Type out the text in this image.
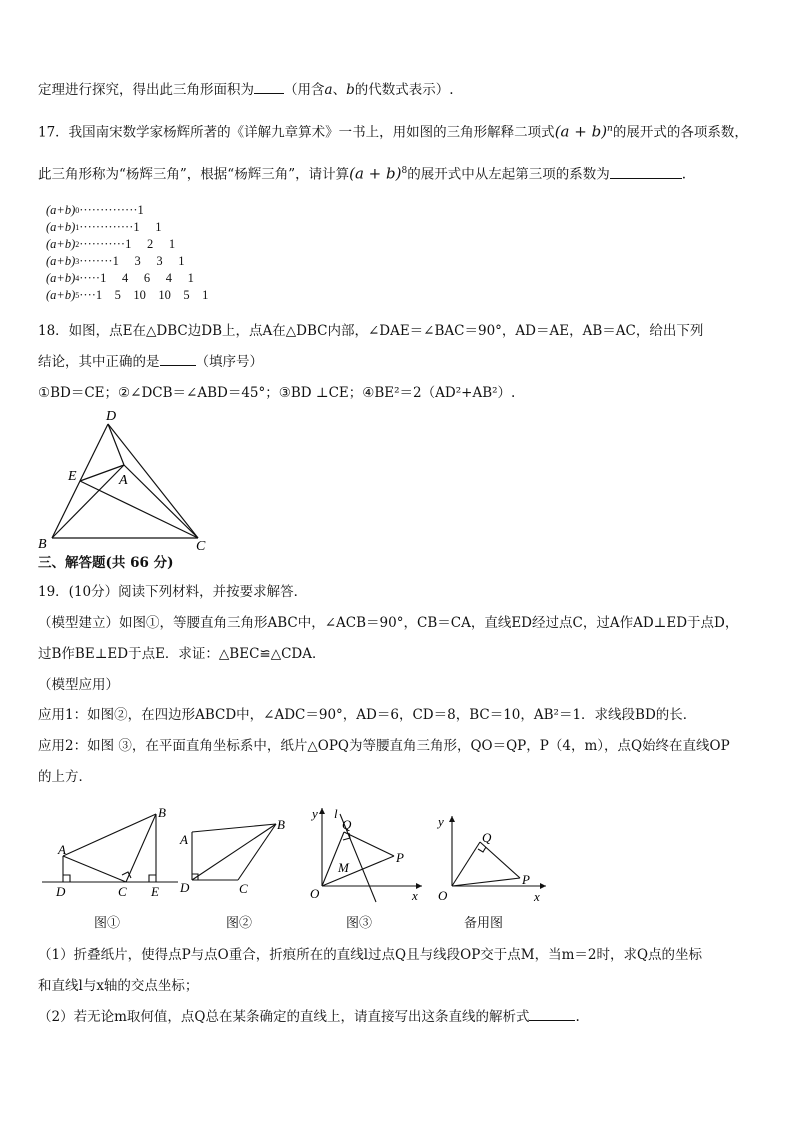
定理进行探究，得出此三角形面积为 （用含a、b的代数式表示）.
17．我国南宋数学家杨辉所著的《详解九章算术》一书上，用如图的三角形解释二项式$(a + b)^n$的展开式的各项系数，
此三角形称为“杨辉三角”，根据“杨辉三角”，请计算$(a + b)^8$的展开式中从左起第三项的系数为	.
(a+b) 0 ·············· 1
(a+b) 1 ············· 1     1
(a+b) 2 ··········· 1     2     1
(a+b) 3 ········ 1     3     3     1
(a+b) 4 ····· 1     4     6     4     1
(a+b) 5 ···· 1    5    10    10    5    1
18．如图，点E在△DBC边DB上，点A在△DBC内部，∠DAE＝∠BAC＝90°，AD＝AE，AB＝AC，给出下列
结论，其中正确的是	（填序号）
①BD＝CE；②∠DCB＝∠ABD＝45°；③BD ⊥CE；④BE²＝2（AD²+AB²）.
D
E	A
B	C
三、解答题(共 66 分)
19．(10分）阅读下列材料，并按要求解答．
（模型建立）如图①，等腰直角三角形ABC中，∠ACB＝90°，CB＝CA，直线ED经过点C，过A作AD⊥ED于点D，
过B作BE⊥ED于点E．求证：△BEC≌△CDA．
（模型应用）
应用1：如图②，在四边形ABCD中，∠ADC＝90°，AD＝6，CD＝8，BC＝10，AB²＝1．求线段BD的长．
应用2：如图 ③，在平面直角坐标系中，纸片△OPQ为等腰直角三角形，QO＝QP，P（4，m），点Q始终在直线OP
的上方．
A
B
D	C E
A
B
D	C
y l
Q
P
M
O	x
y
Q
P
O	x
图①	图②	图③	备用图
（1）折叠纸片，使得点P与点O重合，折痕所在的直线l过点Q且与线段OP交于点M，当m＝2时，求Q点的坐标
和直线l与x轴的交点坐标；
（2）若无论m取何值，点Q总在某条确定的直线上，请直接写出这条直线的解析式	.
